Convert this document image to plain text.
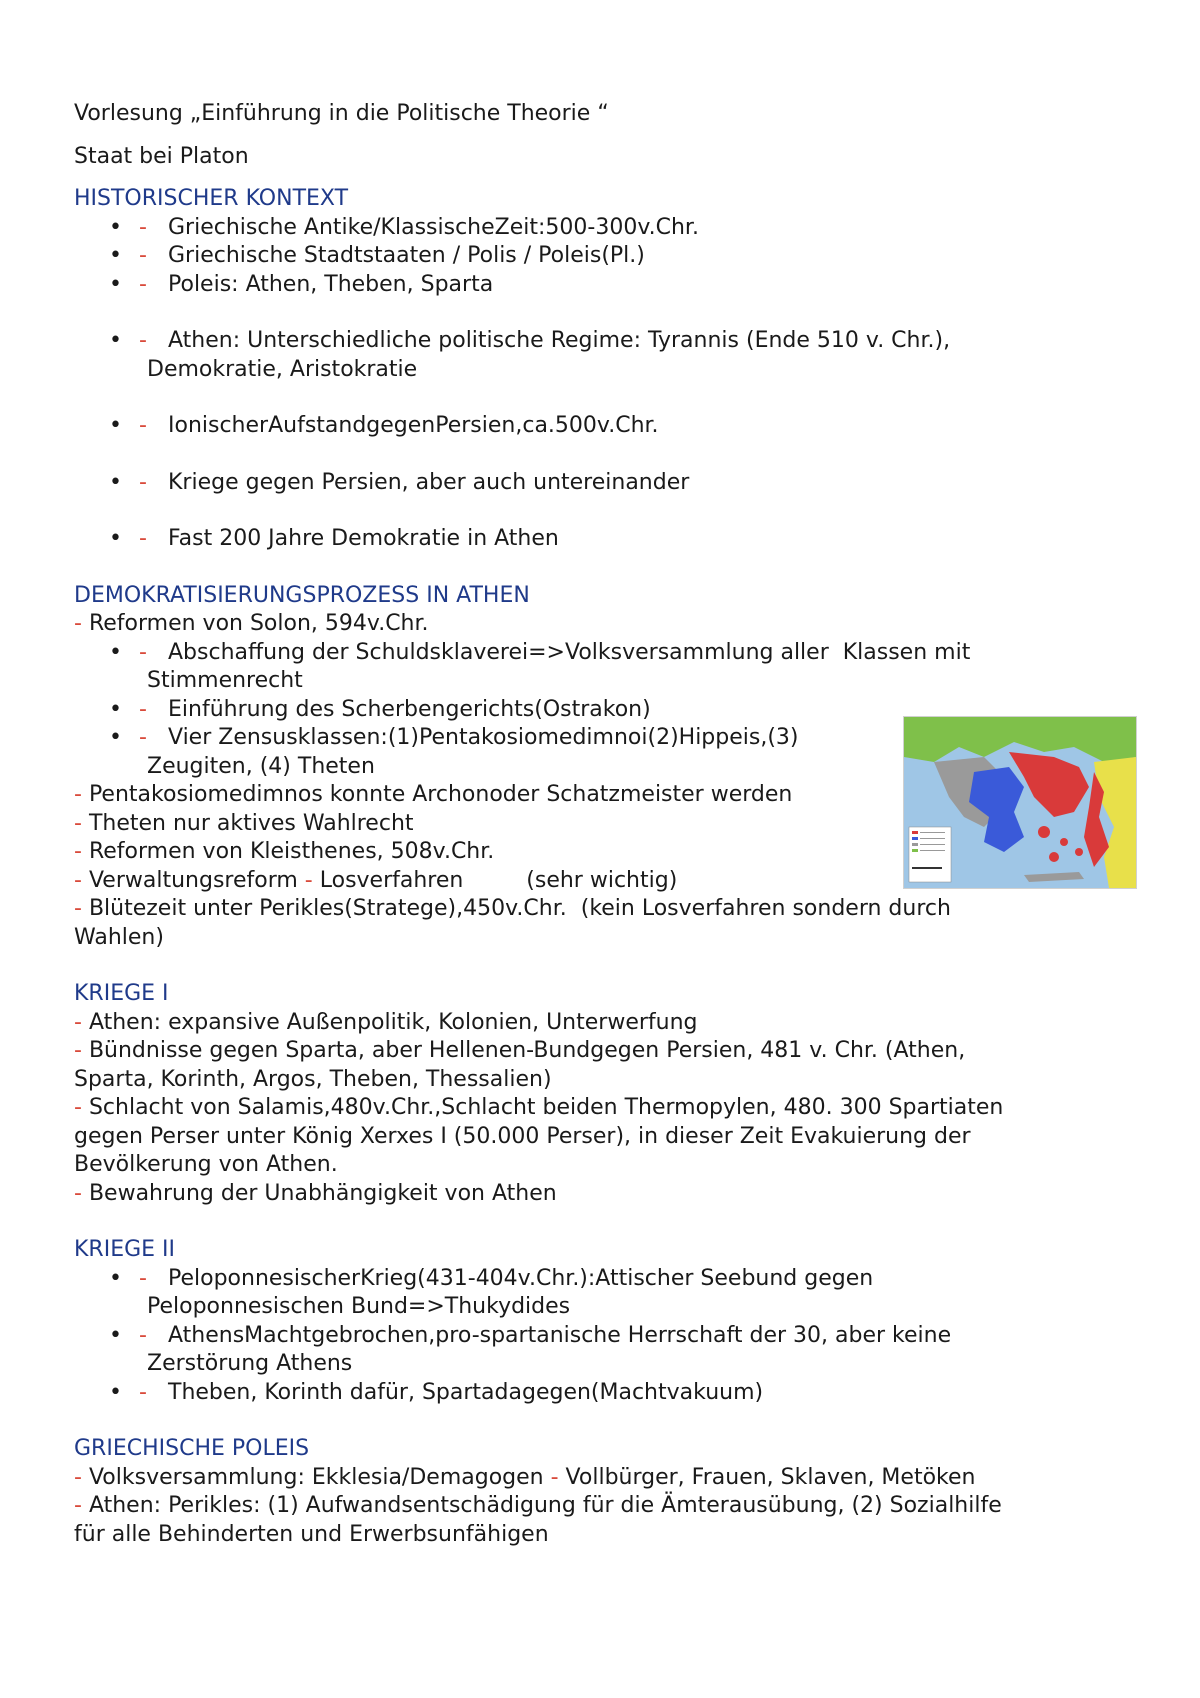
Vorlesung „Einführung in die Politische Theorie “

Staat bei Platon

HISTORISCHER KONTEXT

• - Griechische Antike/KlassischeZeit:500-300v.Chr.
• - Griechische Stadtstaaten / Polis / Poleis(Pl.)
• - Poleis: Athen, Theben, Sparta
• - Athen: Unterschiedliche politische Regime: Tyrannis (Ende 510 v. Chr.),

Demokratie, Aristokratie

• - IonischerAufstandgegenPersien,ca.500v.Chr.
• - Kriege gegen Persien, aber auch untereinander
• - Fast 200 Jahre Demokratie in Athen

DEMOKRATISIERUNGSPROZESS IN ATHEN

- Reformen von Solon, 594v.Chr.

• - Abschaffung der Schuldsklaverei=>Volksversammlung aller  Klassen mit

Stimmenrecht

• - Einführung des Scherbengerichts(Ostrakon)
• - Vier Zensusklassen:(1)Pentakosiomedimnoi(2)Hippeis,(3)

Zeugiten, (4) Theten

- Pentakosiomedimnos konnte Archonoder Schatzmeister werden

- Theten nur aktives Wahlrecht

- Reformen von Kleisthenes, 508v.Chr.

- Verwaltungsreform - Losverfahren         (sehr wichtig)

- Blütezeit unter Perikles(Stratege),450v.Chr.  (kein Losverfahren sondern durch

Wahlen)

KRIEGE I

- Athen: expansive Außenpolitik, Kolonien, Unterwerfung

- Bündnisse gegen Sparta, aber Hellenen-Bundgegen Persien, 481 v. Chr. (Athen,

Sparta, Korinth, Argos, Theben, Thessalien)

- Schlacht von Salamis,480v.Chr.,Schlacht beiden Thermopylen, 480. 300 Spartiaten

gegen Perser unter König Xerxes I (50.000 Perser), in dieser Zeit Evakuierung der

Bevölkerung von Athen.

- Bewahrung der Unabhängigkeit von Athen

KRIEGE II

• - PeloponnesischerKrieg(431-404v.Chr.):Attischer Seebund gegen

Peloponnesischen Bund=>Thukydides

• - AthensMachtgebrochen,pro-spartanische Herrschaft der 30, aber keine

Zerstörung Athens

• - Theben, Korinth dafür, Spartadagegen(Machtvakuum)

GRIECHISCHE POLEIS

- Volksversammlung: Ekklesia/Demagogen - Vollbürger, Frauen, Sklaven, Metöken

- Athen: Perikles: (1) Aufwandsentschädigung für die Ämterausübung, (2) Sozialhilfe

für alle Behinderten und Erwerbsunfähigen
